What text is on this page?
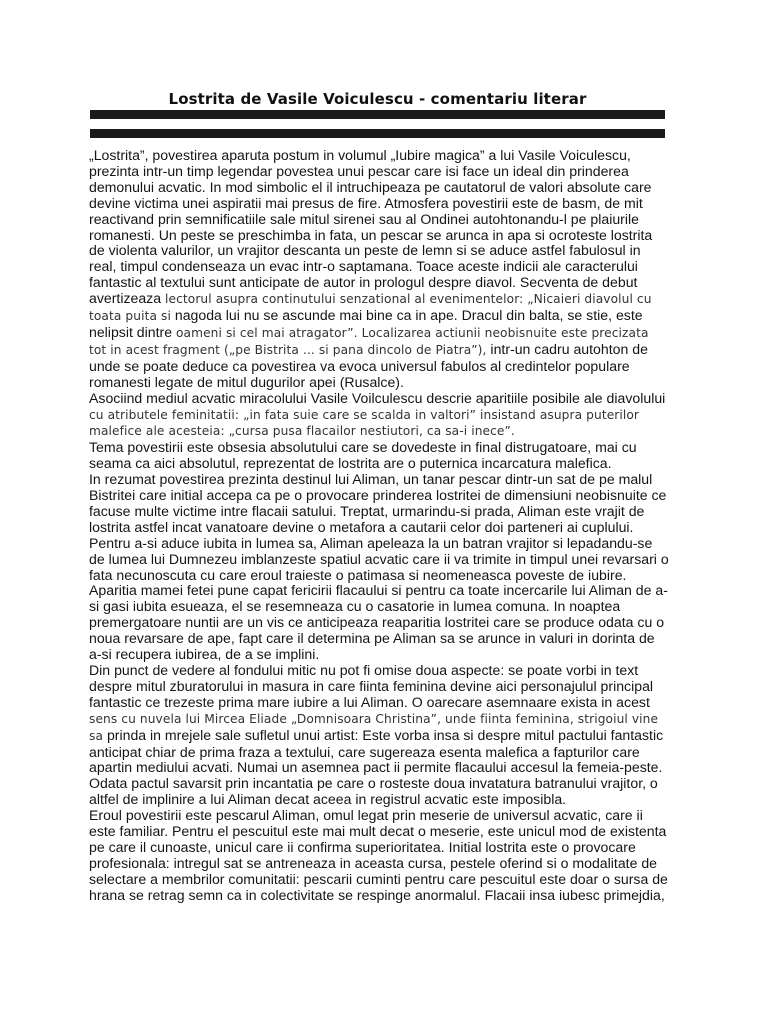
Lostrita de Vasile Voiculescu - comentariu literar

„Lostrita”, povestirea aparuta postum in volumul „Iubire magica” a lui Vasile Voiculescu, prezinta intr-un timp legendar povestea unui pescar care isi face un ideal din prinderea demonului acvatic. In mod simbolic el il intruchipeaza pe cautatorul de valori absolute care devine victima unei aspiratii mai presus de fire. Atmosfera povestirii este de basm, de mit reactivand prin semnificatiile sale mitul sirenei sau al Ondinei autohtonandu-l pe plaiurile romanesti. Un peste se preschimba in fata, un pescar se arunca in apa si ocroteste lostrita de violenta valurilor, un vrajitor descanta un peste de lemn si se aduce astfel fabulosul in real, timpul condenseaza un evac intr-o saptamana. Toace aceste indicii ale caracterului fantastic al textului sunt anticipate de autor in prologul despre diavol. Secventa de debut avertizeaza lectorul asupra continutului senzational al evenimentelor: „Nicaieri diavolul cu toata puita si nagoda lui nu se ascunde mai bine ca in ape. Dracul din balta, se stie, este nelipsit dintre oameni si cel mai atragator”. Localizarea actiunii neobisnuite este precizata tot in acest fragment („pe Bistrita ... si pana dincolo de Piatra”), intr-un cadru autohton de unde se poate deduce ca povestirea va evoca universul fabulos al credintelor populare romanesti legate de mitul dugurilor apei (Rusalce).

Asociind mediul acvatic miracolului Vasile Voilculescu descrie aparitiile posibile ale diavolului cu atributele feminitatii: „in fata suie care se scalda in valtori” insistand asupra puterilor malefice ale acesteia: „cursa pusa flacailor nestiutori, ca sa-i inece”.

Tema povestirii este obsesia absolutului care se dovedeste in final distrugatoare, mai cu seama ca aici absolutul, reprezentat de lostrita are o puternica incarcatura malefica.

In rezumat povestirea prezinta destinul lui Aliman, un tanar pescar dintr-un sat de pe malul Bistritei care initial accepa ca pe o provocare prinderea lostritei de dimensiuni neobisnuite ce facuse multe victime intre flacaii satului. Treptat, urmarindu-si prada, Aliman este vrajit de lostrita astfel incat vanatoare devine o metafora a cautarii celor doi parteneri ai cuplului.

Pentru a-si aduce iubita in lumea sa, Aliman apeleaza la un batran vrajitor si lepadandu-se de lumea lui Dumnezeu imblanzeste spatiul acvatic care ii va trimite in timpul unei revarsari o fata necunoscuta cu care eroul traieste o patimasa si neomeneasca poveste de iubire. Aparitia mamei fetei pune capat fericirii flacaului si pentru ca toate incercarile lui Aliman de a-si gasi iubita esueaza, el se resemneaza cu o casatorie in lumea comuna. In noaptea premergatoare nuntii are un vis ce anticipeaza reaparitia lostritei care se produce odata cu o noua revarsare de ape, fapt care il determina pe Aliman sa se arunce in valuri in dorinta de a-si recupera iubirea, de a se implini.

Din punct de vedere al fondului mitic nu pot fi omise doua aspecte: se poate vorbi in text despre mitul zburatorului in masura in care fiinta feminina devine aici personajulul principal fantastic ce trezeste prima mare iubire a lui Aliman. O oarecare asemnaare exista in acest sens cu nuvela lui Mircea Eliade „Domnisoara Christina”, unde fiinta feminina, strigoiul vine sa prinda in mrejele sale sufletul unui artist: Este vorba insa si despre mitul pactului fantastic anticipat chiar de prima fraza a textului, care sugereaza esenta malefica a fapturilor care apartin mediului acvati. Numai un asemnea pact ii permite flacaului accesul la femeia-peste. Odata pactul savarsit prin incantatia pe care o rosteste doua invatatura batranului vrajitor, o altfel de implinire a lui Aliman decat aceea in registrul acvatic este imposibla.

Eroul povestirii este pescarul Aliman, omul legat prin meserie de universul acvatic, care ii este familiar. Pentru el pescuitul este mai mult decat o meserie, este unicul mod de existenta pe care il cunoaste, unicul care ii confirma superioritatea. Initial lostrita este o provocare profesionala: intregul sat se antreneaza in aceasta cursa, pestele oferind si o modalitate de selectare a membrilor comunitatii: pescarii cuminti pentru care pescuitul este doar o sursa de hrana se retrag semn ca in colectivitate se respinge anormalul. Flacaii insa iubesc primejdia,
